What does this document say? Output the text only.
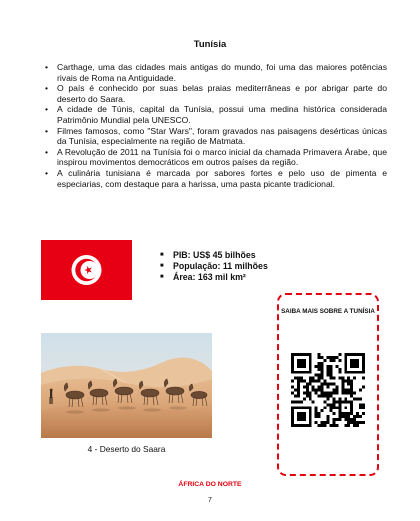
Tunísia
• Carthage, uma das cidades mais antigas do mundo, foi uma das maiores potências rivais de Roma na Antiguidade.
• O país é conhecido por suas belas praias mediterrâneas e por abrigar parte do deserto do Saara.
• A cidade de Túnis, capital da Tunísia, possui uma medina histórica considerada Patrimônio Mundial pela UNESCO.
• Filmes famosos, como "Star Wars", foram gravados nas paisagens desérticas únicas da Tunísia, especialmente na região de Matmata.
• A Revolução de 2011 na Tunísia foi o marco inicial da chamada Primavera Árabe, que inspirou movimentos democráticos em outros países da região.
• A culinária tunisiana é marcada por sabores fortes e pelo uso de pimenta e especiarias, com destaque para a harissa, uma pasta picante tradicional.
■ PIB: US$ 45 bilhões
■ População: 11 milhões
■ Área: 163 mil km²
4 - Deserto do Saara
SAIBA MAIS SOBRE A TUNÍSIA
ÁFRICA DO NORTE
7
